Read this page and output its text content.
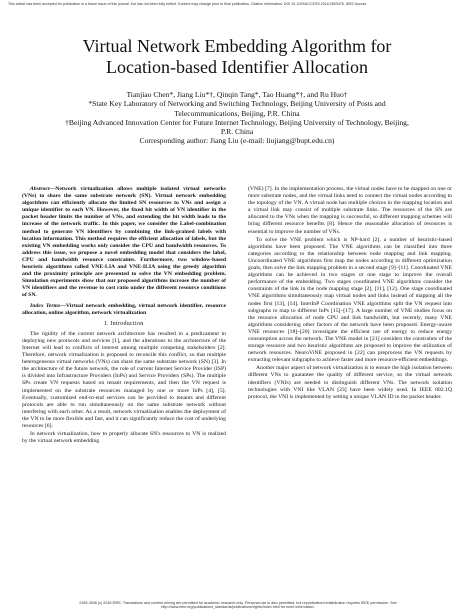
This article has been accepted for publication in a future issue of this journal, but has not been fully edited. Content may change prior to final publication. Citation information: DOI 10.1109/ACCESS.2018.2803476, IEEE Access
Virtual Network Embedding Algorithm for
Location-based Identifier Allocation
Tianjiao Chen*, Jiang Liu*†, Qinqin Tang*, Tao Huang*†, and Ru Huo†
*State Key Laboratory of Networking and Switching Technology, Beijing University of Posts and
Telecommunications, Beijing, P.R. China
†Beijing Advanced Innovation Center for Future Internet Technology, Beijing University of Technology, Beijing,
P.R. China
Corresponding author: Jiang Liu (e-mail: liujiang@bupt.edu.cn)

Abstract—Network virtualization allows multiple isolated virtual networks (VNs) to share the same substrate network (SN). Virtual network embedding algorithms can efficiently allocate the limited SN resources to VNs and assign a unique identifier to each VN. However, the fixed bit width of VN identifier in the packet header limits the number of VNs, and extending the bit width leads to the increase of the network traffic. In this paper, we consider the Label-combination method to generate VN identifiers by combining the link-grained labels with location information. This method requires the efficient allocation of labels, but the existing VN embedding works only consider the CPU and bandwidth resources. To address this issue, we propose a novel embedding model that considers the label, CPU and bandwidth resource constraints. Furthermore, two window-based heuristic algorithms called VNE-LIA and VNE-ILIA using the greedy algorithm and the proximity principle are presented to solve the VN embedding problem. Simulation experiments show that our proposed algorithms increase the number of VN identifiers and the revenue to cost ratio under the different resource conditions of SN.

Index Terms—Virtual network embedding, virtual network identifier, resource allocation, online algorithm, network virtualization

I. Introduction

The rigidity of the current network architecture has resulted in a predicament in deploying new protocols and services [1], and the alterations to the architecture of the Internet will lead to conflicts of interest among multiple competing stakeholders [2]. Therefore, network virtualization is proposed to reconcile this conflict, so that multiple heterogeneous virtual networks (VNs) can share the same substrate network (SN) [3]. In the architecture of the future network, the role of current Internet Service Provider (ISP) is divided into Infrastructure Providers (InPs) and Service Providers (SPs). The multiple SPs create VN requests based on tenant requirements, and then the VN request is implemented on the substrate resources managed by one or more InPs [4], [5]. Eventually, customized end-to-end services can be provided to tenants and different protocols are able to run simultaneously on the same substrate network without interfering with each other. As a result, network virtualization enables the deployment of the VN to be more flexible and fast, and it can significantly reduce the cost of underlying resources [6].

In network virtualization, how to properly allocate SN's resources to VN is realized by the virtual network embedding

(VNE) [7]. In the implementation process, the virtual nodes have to be mapped on one or more substrate nodes, and the virtual links need to connect the virtual nodes according to the topology of the VN. A virtual node has multiple choices in the mapping location and a virtual link may consist of multiple substrate links. The resources of the SN are allocated to the VNs when the mapping is successful, so different mapping schemes will bring different resource benefits [8]. Hence the reasonable allocation of resources is essential to improve the number of VNs.

To solve the VNE problem which is NP-hard [2], a number of heuristic-based algorithms have been proposed. The VNE algorithms can be classified into three categories according to the relationship between node mapping and link mapping. Uncoordinated VNE algorithms first map the nodes according to different optimization goals, then solve the link mapping problem in a second stage [9]–[11]. Coordinated VNE algorithms can be achieved in two stages or one stage to improve the overall performance of the embedding. Two stages coordinated VNE algorithms consider the constraints of the link in the node mapping stage [2], [11], [12]. One stage coordinated VNE algorithms simultaneously map virtual nodes and links instead of mapping all the nodes first [13], [14]. InterInP Coordination VNE algorithms split the VN request into subgraphs to map to different InPs [15]–[17]. A large number of VNE studies focus on the resource allocation of node CPU and link bandwidth, but recently, many VNE algorithms considering other factors of the network have been proposed. Energy-aware VNE resources [18]–[20] investigate the efficient use of energy to reduce energy consumption across the network. The VNE model in [21] considers the constraints of the storage resource and two heuristic algorithms are proposed to improve the utilization of network resources. NeuroViNE proposed in [22] can preprocess the VN requests by extracting relevant subgraphs to achieve faster and more resource-efficient embeddings.

Another major aspect of network virtualization is to ensure the high isolation between different VNs to guarantee the quality of different service, so the virtual network identifiers (VNIs) are needed to distinguish different VNs. The network isolation technologies with VNI like VLAN [23] have been widely used. In IEEE 802.1Q protocol, the VNI is implemented by setting a unique VLAN ID in the packet header.

2169-3536 (c) 2018 IEEE. Translations and content mining are permitted for academic research only. Personal use is also permitted, but republication/redistribution requires IEEE permission. See
http://www.ieee.org/publications_standards/publications/rights/index.html for more information.
